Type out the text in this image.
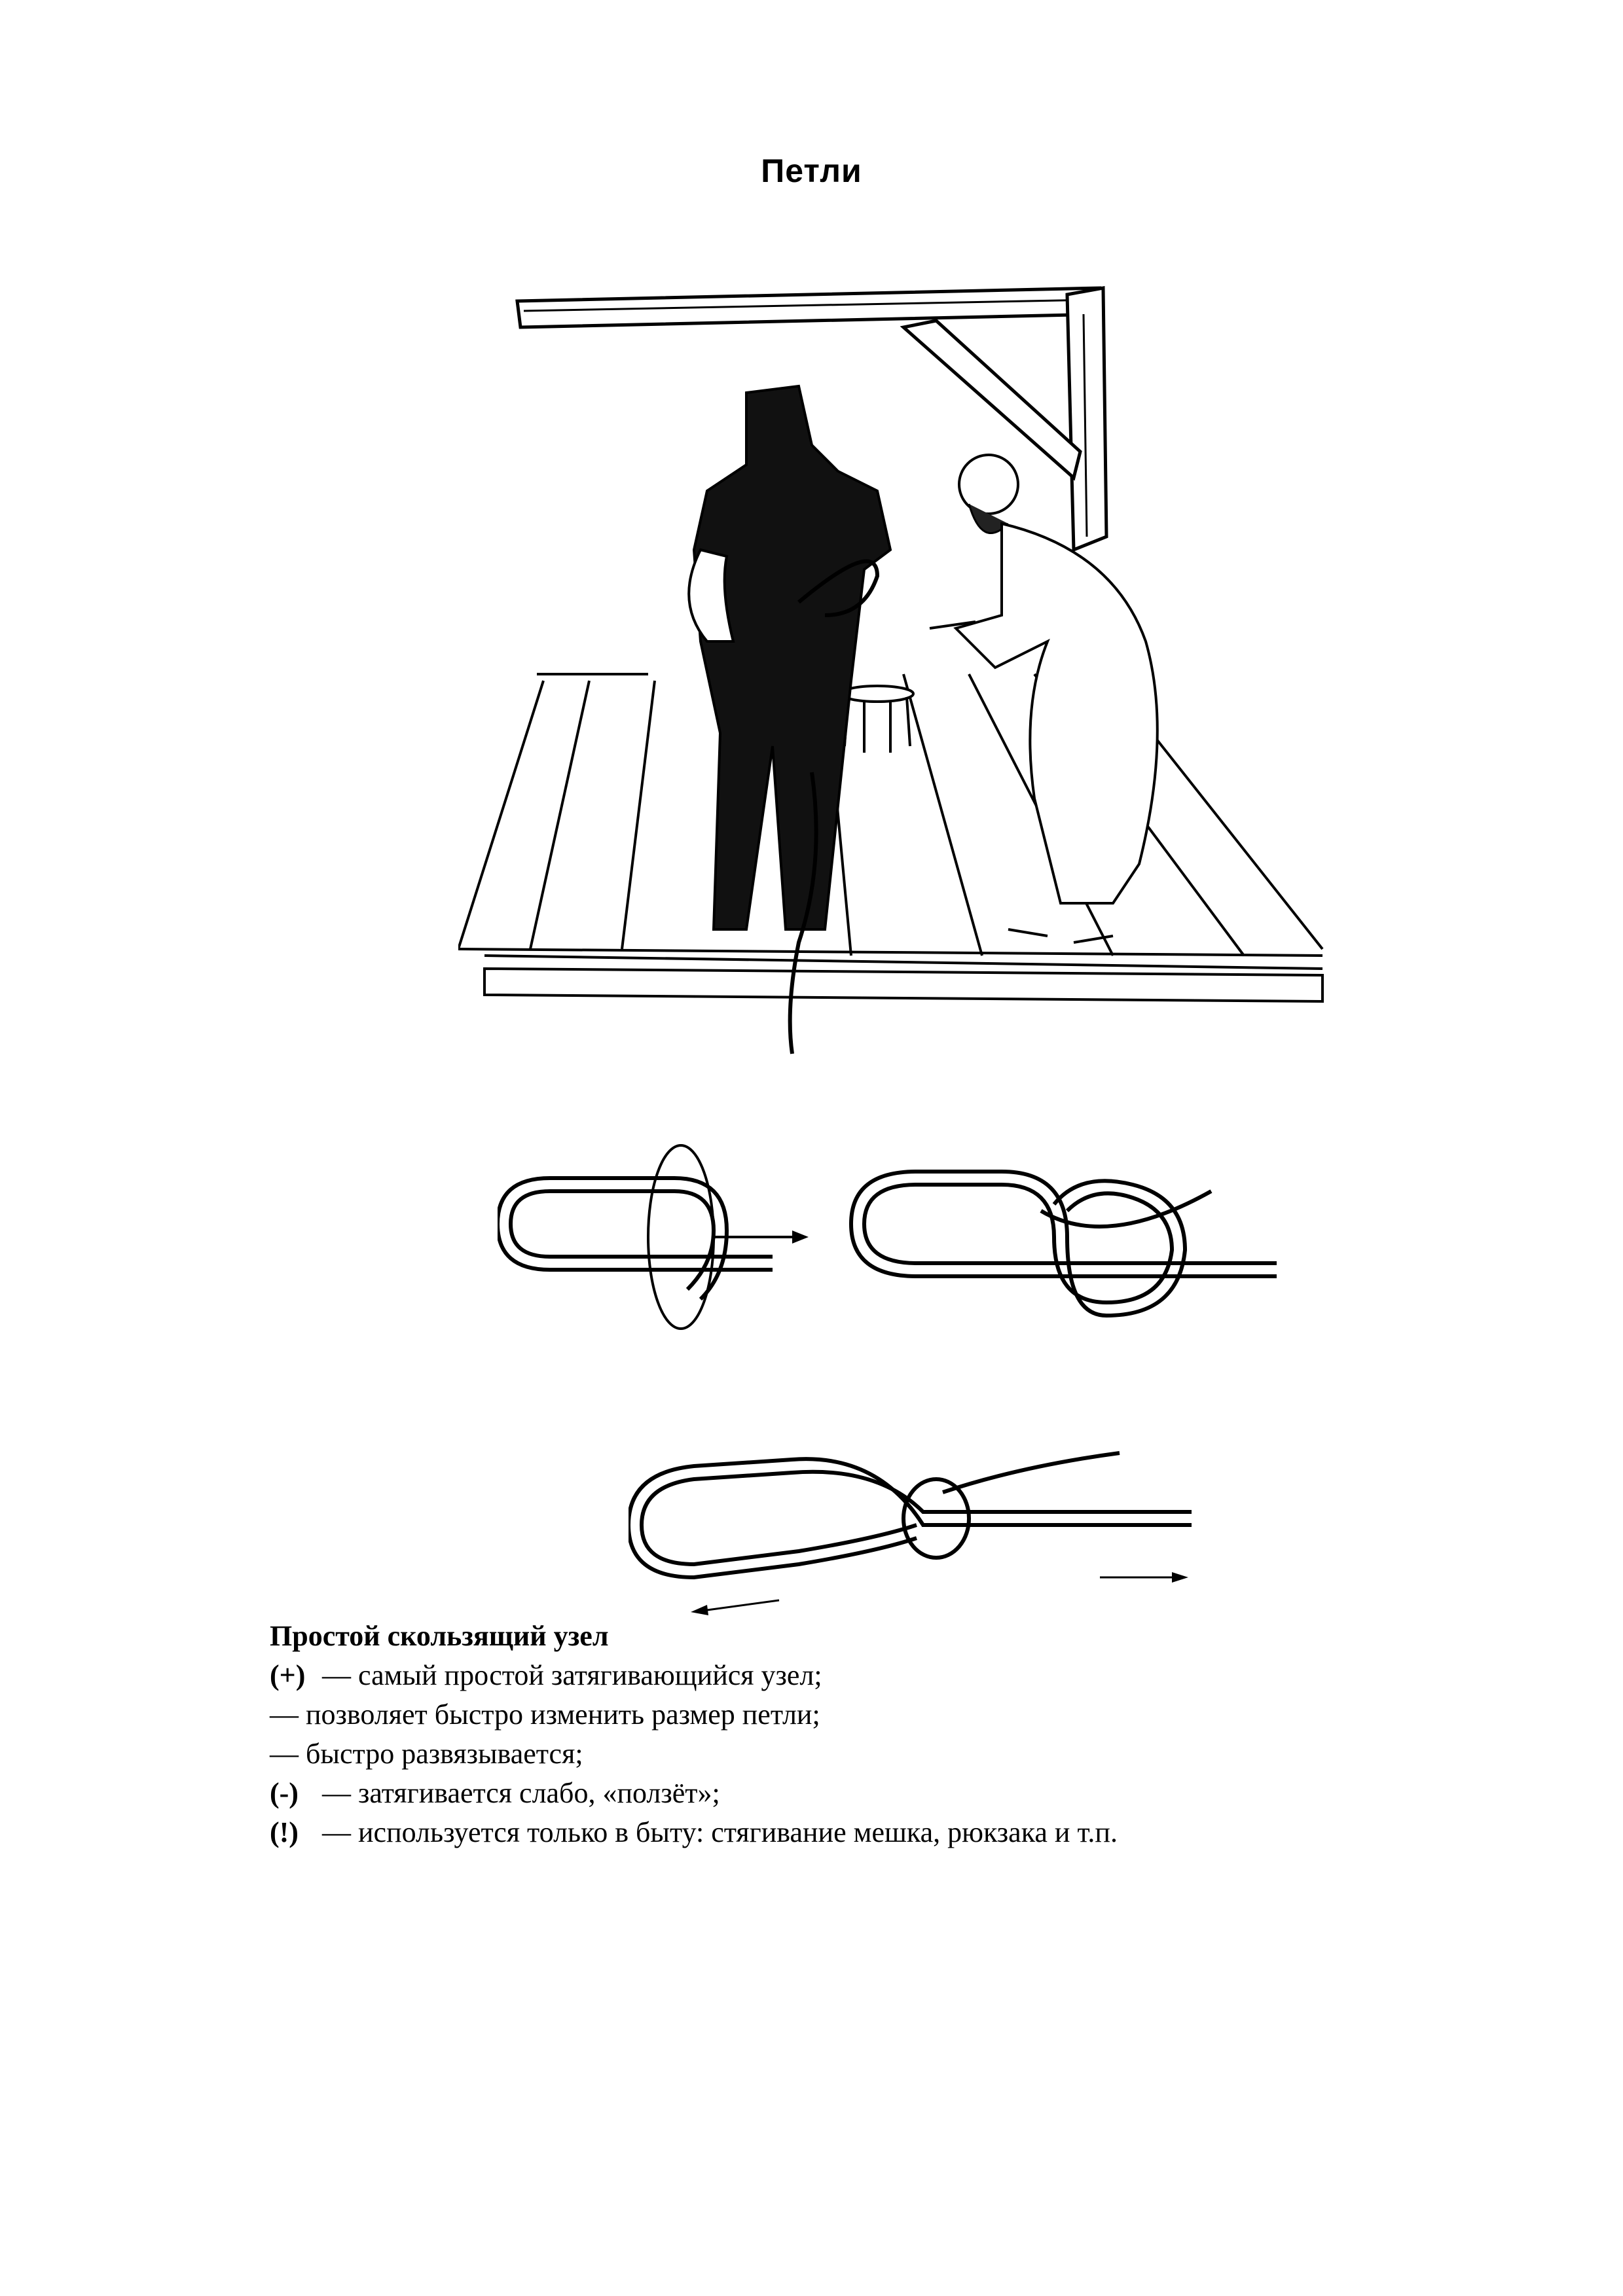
Петли
Простой скользящий узел
(+) — самый простой затягивающийся узел;
— позволяет быстро изменить размер петли;
— быстро развязывается;
(-) — затягивается слабо, «ползёт»;
(!) — используется только в быту: стягивание мешка, рюкзака и т.п.
